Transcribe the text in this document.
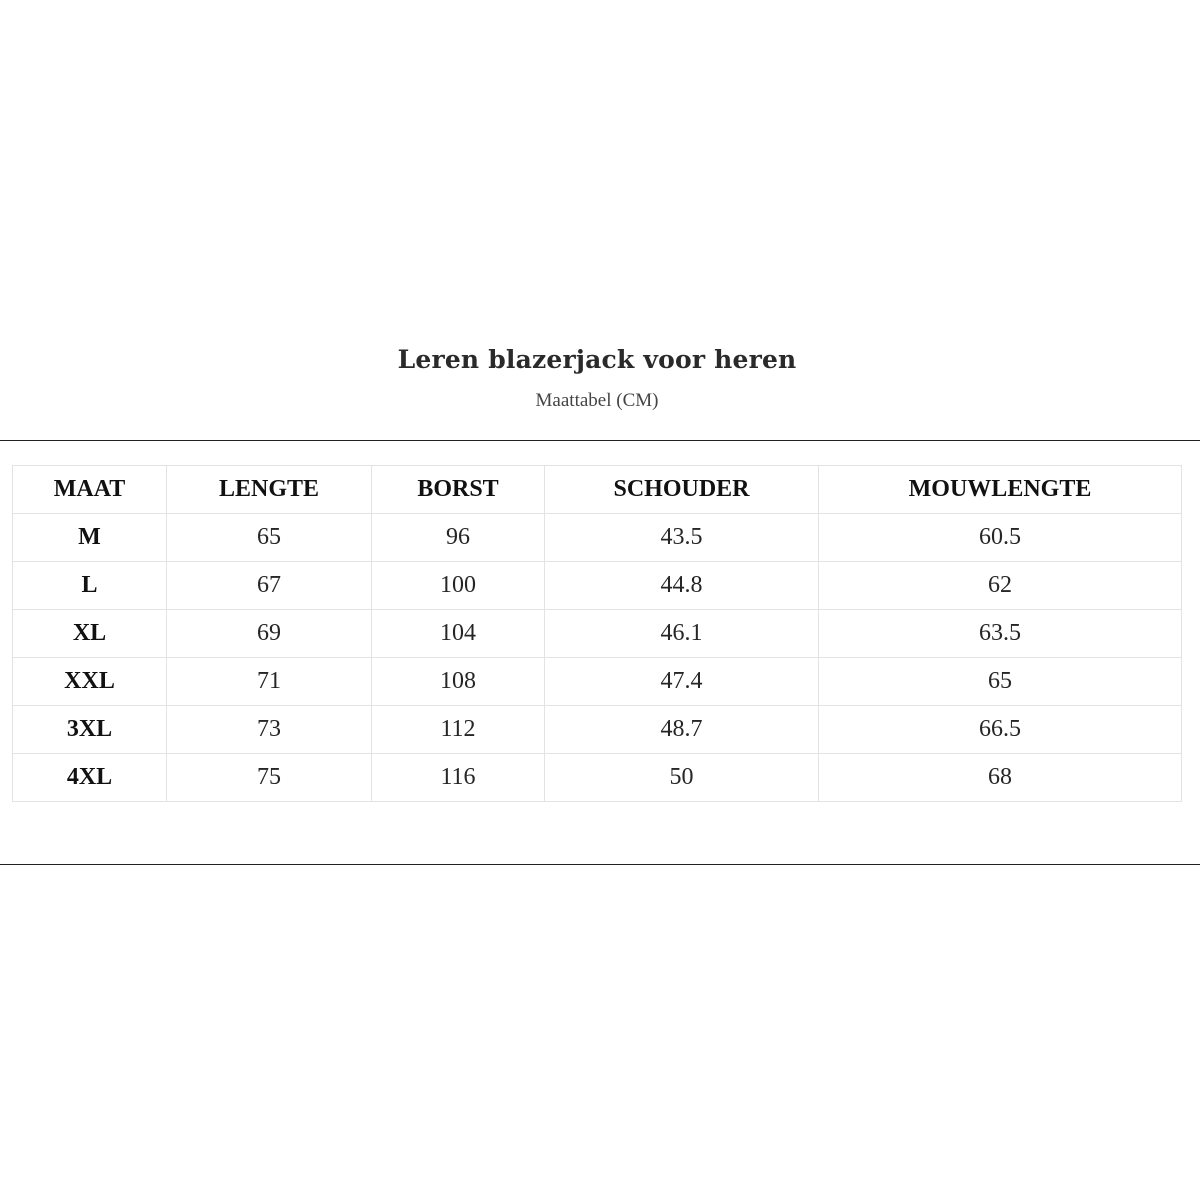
Leren blazerjack voor heren
Maattabel (CM)
MAAT	LENGTE	BORST	SCHOUDER	MOUWLENGTE
M	65	96	43.5	60.5
L	67	100	44.8	62
XL	69	104	46.1	63.5
XXL	71	108	47.4	65
3XL	73	112	48.7	66.5
4XL	75	116	50	68
